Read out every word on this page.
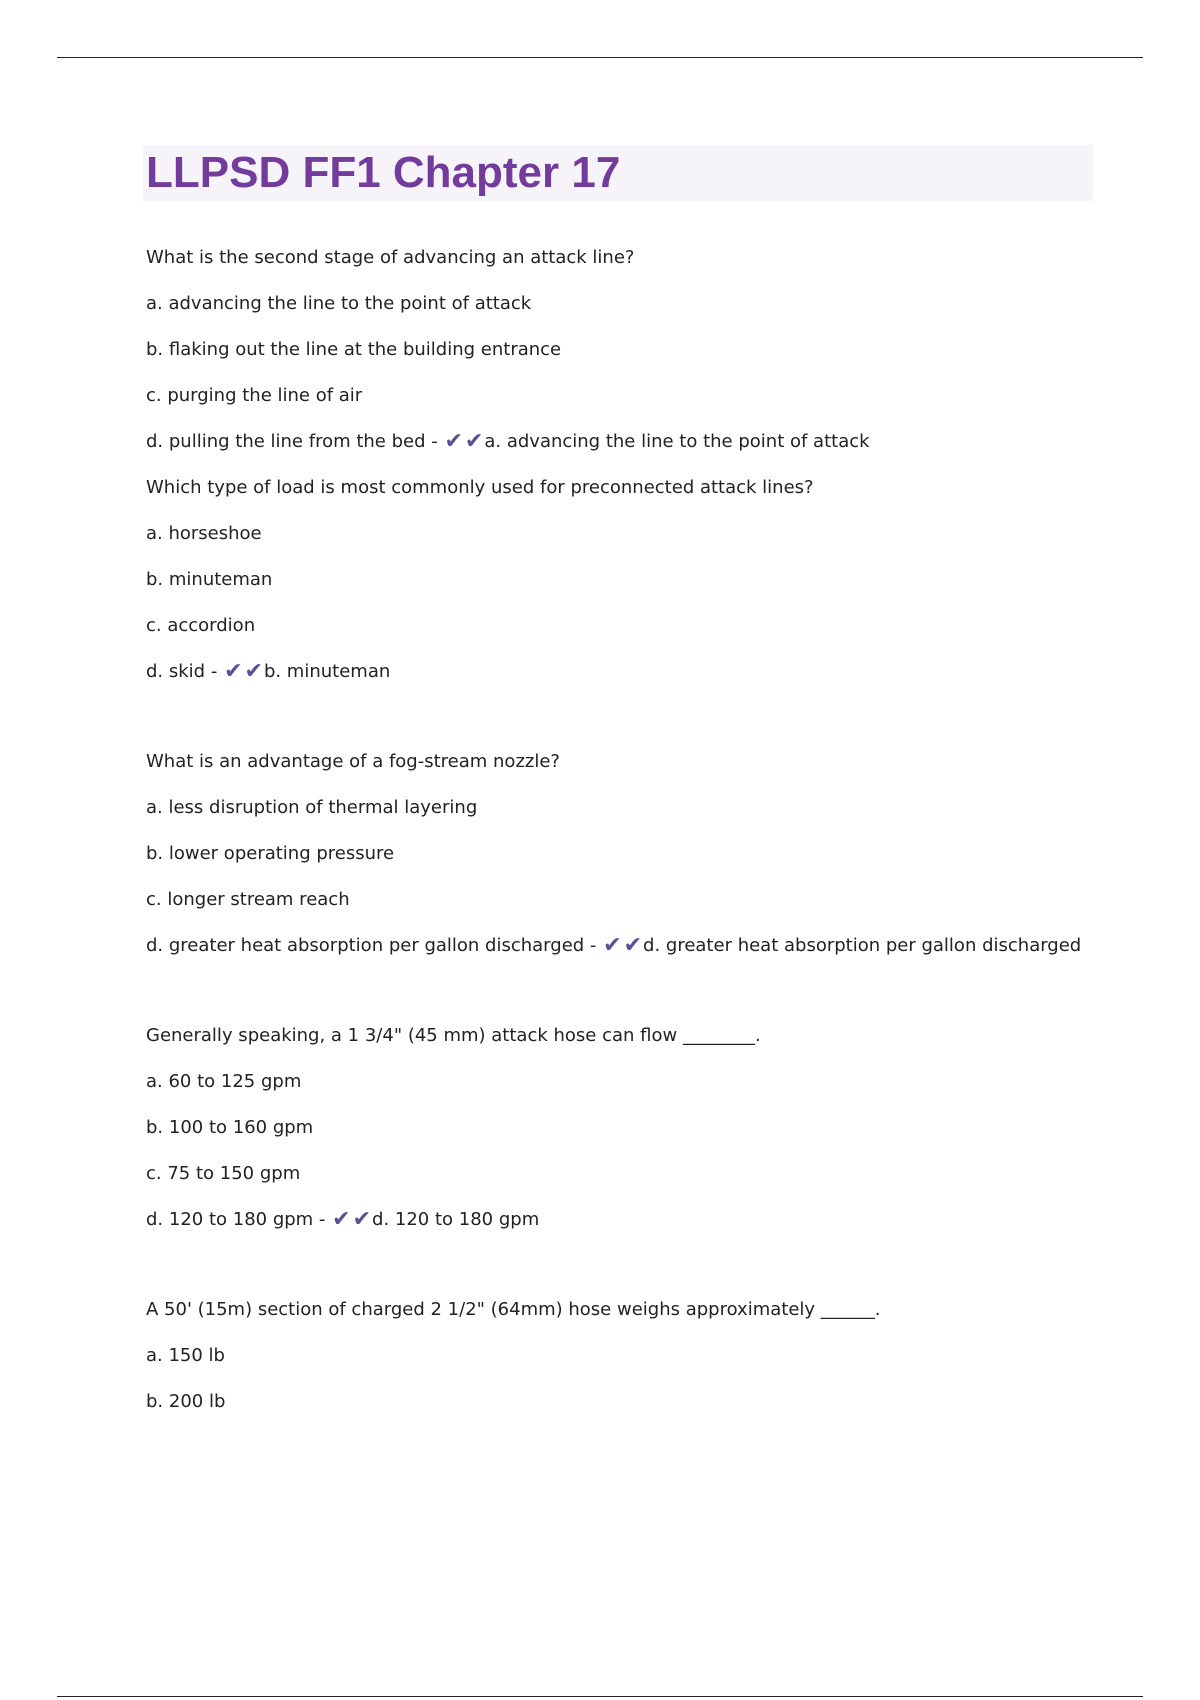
LLPSD FF1 Chapter 17

What is the second stage of advancing an attack line?

a. advancing the line to the point of attack

b. flaking out the line at the building entrance

c. purging the line of air

d. pulling the line from the bed - ✔✔a. advancing the line to the point of attack

Which type of load is most commonly used for preconnected attack lines?

a. horseshoe

b. minuteman

c. accordion

d. skid - ✔✔b. minuteman

What is an advantage of a fog-stream nozzle?

a. less disruption of thermal layering

b. lower operating pressure

c. longer stream reach

d. greater heat absorption per gallon discharged - ✔✔d. greater heat absorption per gallon discharged

Generally speaking, a 1 3/4" (45 mm) attack hose can flow ________.

a. 60 to 125 gpm

b. 100 to 160 gpm

c. 75 to 150 gpm

d. 120 to 180 gpm - ✔✔d. 120 to 180 gpm

A 50' (15m) section of charged 2 1/2" (64mm) hose weighs approximately ______.

a. 150 lb

b. 200 lb
